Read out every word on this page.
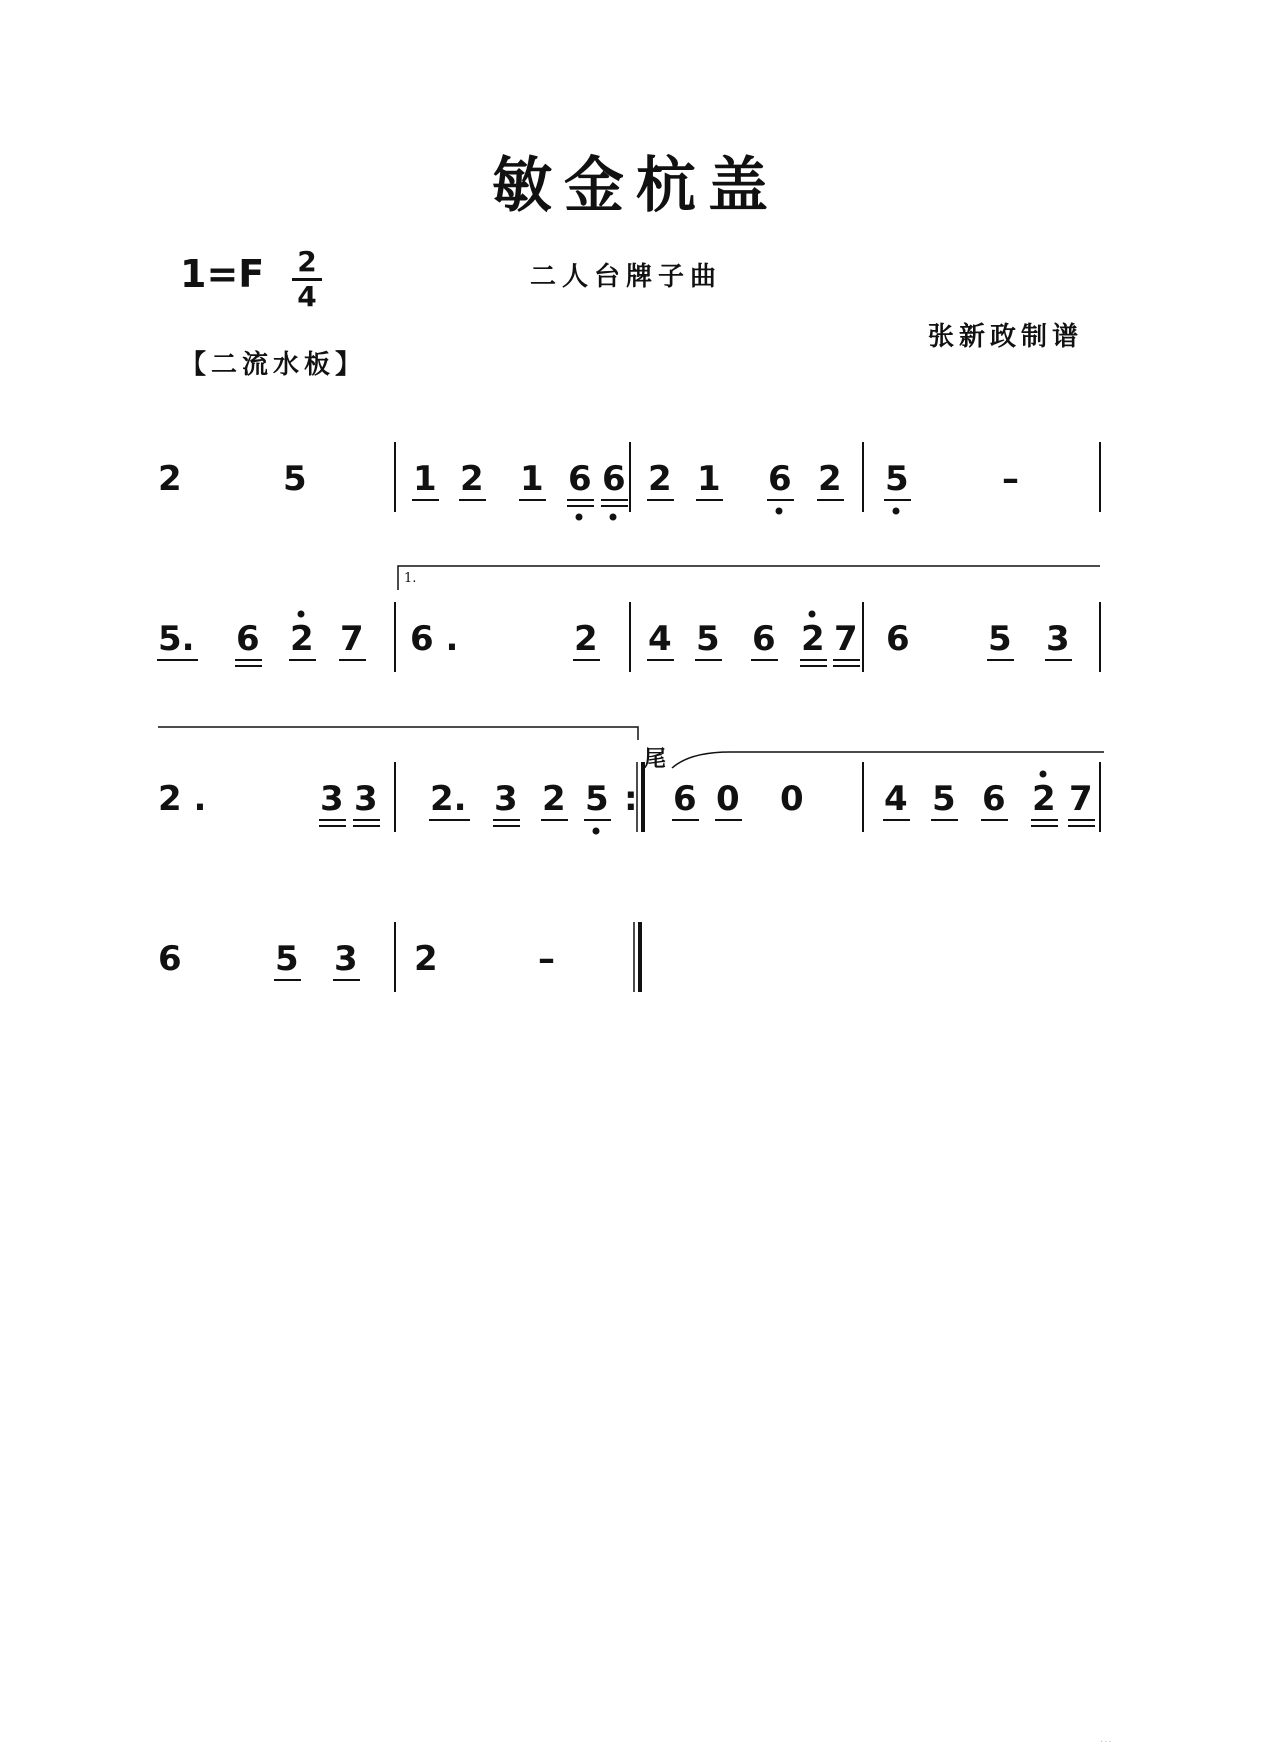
敏金杭盖
1=F 2
4
二人台牌子曲
张新政制谱
【二流水板】
2	5	1 2 1 6 6 2 1 6 2 5	–
5. 6 2 7 6 .	2 4 5 6 2 7 6 5 3
2 .	3 3 2. 3 2 5 : 6 0 0 4 5 6 2 7
6	5 3 2	–
1.
尾
...
